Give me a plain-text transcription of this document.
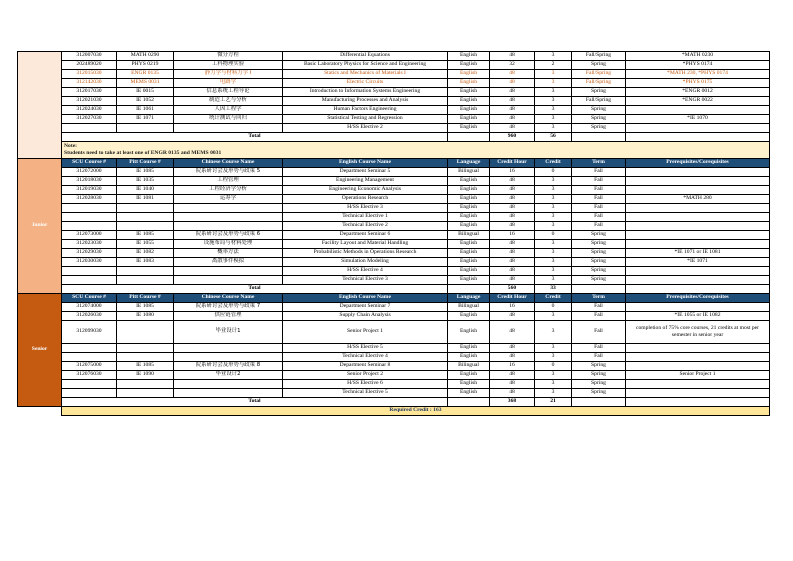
	312007030	MATH 0290	微分方程	Differential Equations	English	48	3	Fall/Spring	*MATH 0230
	202489020	PHYS 0219	工科物理实验	Basic Laboratory Physics for Science and Engineering	English	32	2	Spring	*PHYS 0174
	312015030	ENGR 0135	静力学与材料力学 I	Statics and Mechanics of Materials I	English	48	3	Fall/Spring	*MATH 230, *PHYS 0174
	312142030	MEMS 0031	电路学	Electric Circuits	English	48	3	Fall/Spring	*PHYS 0175
	312017030	IE 0015	信息系统工程导论	Introduction to Information Systems Engineering	English	48	3	Spring	*ENGR 0012
	312021030	IE 1052	制造工艺与分析	Manufacturing Processes and Analysis	English	48	3	Fall/Spring	*ENGR 0022
	312024030	IE 1061	人因工程学	Human Factors Engineering	English	48	3	Spring	
	312027030	IE 1071	统计测试与回归	Statistical Testing and Regression	English	48	3	Spring	*IE 1070
				H/SS Elective 2	English	48	3	Spring	
	Total					960	56		
	Note:
Students need to take at least one of ENGR 0135 and MEMS 0031								
Junior	SCU Course #	Pitt Course #	Chinese Course Name	English Course Name	Language	Credit Hour	Credit	Term	Prerequisites/Corequisites
	312072000	IE 1085	院系研讨会及形势与政策 5	Department Seminar 5	Bilingual	16	0	Fall	
	312018030	IE 1035	工程管理	Engineering Management	English	48	3	Fall	
	312019030	IE 1040	工程经济学分析	Engineering Economic Analysis	English	48	3	Fall	
	312028030	IE 1081	运筹学	Operations Research	English	48	3	Fall	*MATH 280
				H/SS Elective 3	English	48	3	Fall	
				Technical Elective 1	English	48	3	Fall	
				Technical Elective 2	English	48	3	Fall	
	312073000	IE 1085	院系研讨会及形势与政策 6	Department Seminar 6	Bilingual	16	0	Spring	
	312023030	IE 1055	设施布局与材料处理	Facility Layout and Material Handling	English	48	3	Spring	
	312029030	IE 1082	概率方法	Probabilistic Methods in Operations Research	English	48	3	Spring	*IE 1071 or IE 1081
	312030030	IE 1083	离散事件模拟	Simulation Modeling	English	48	3	Spring	*IE 1071
				H/SS Elective 4	English	48	3	Spring	
				Technical Elective 3	English	48	3	Spring	
	Total					560	33		
Senior	SCU Course #	Pitt Course #	Chinese Course Name	English Course Name	Language	Credit Hour	Credit	Term	Prerequisites/Corequisites
	312074000	IE 1085	院系研讨会及形势与政策 7	Department Seminar 7	Bilingual	16	0	Fall	
	312026030	IE 1080	供应链管理	Supply Chain Analysis	English	48	3	Fall	*IE 1055 or IE 1082
	312099030		毕业设计1	Senior Project 1	English	48	3	Fall	completion of 75% core courses, 21 credits at most per semester in senior year
				H/SS Elective 5	English	48	3	Fall	
				Technical Elective 4	English	48	3	Fall	
	312075000	IE 1085	院系研讨会及形势与政策 8	Department Seminar 8	Bilingual	16	0	Spring	
	312076030	IE 1090	毕业设计2	Senior Project 2	English	48	3	Spring	Senior Project 1
				H/SS Elective 6	English	48	3	Spring	
				Technical Elective 5	English	48	3	Spring	
	Total					368	21		
	Required Credit : 163								
